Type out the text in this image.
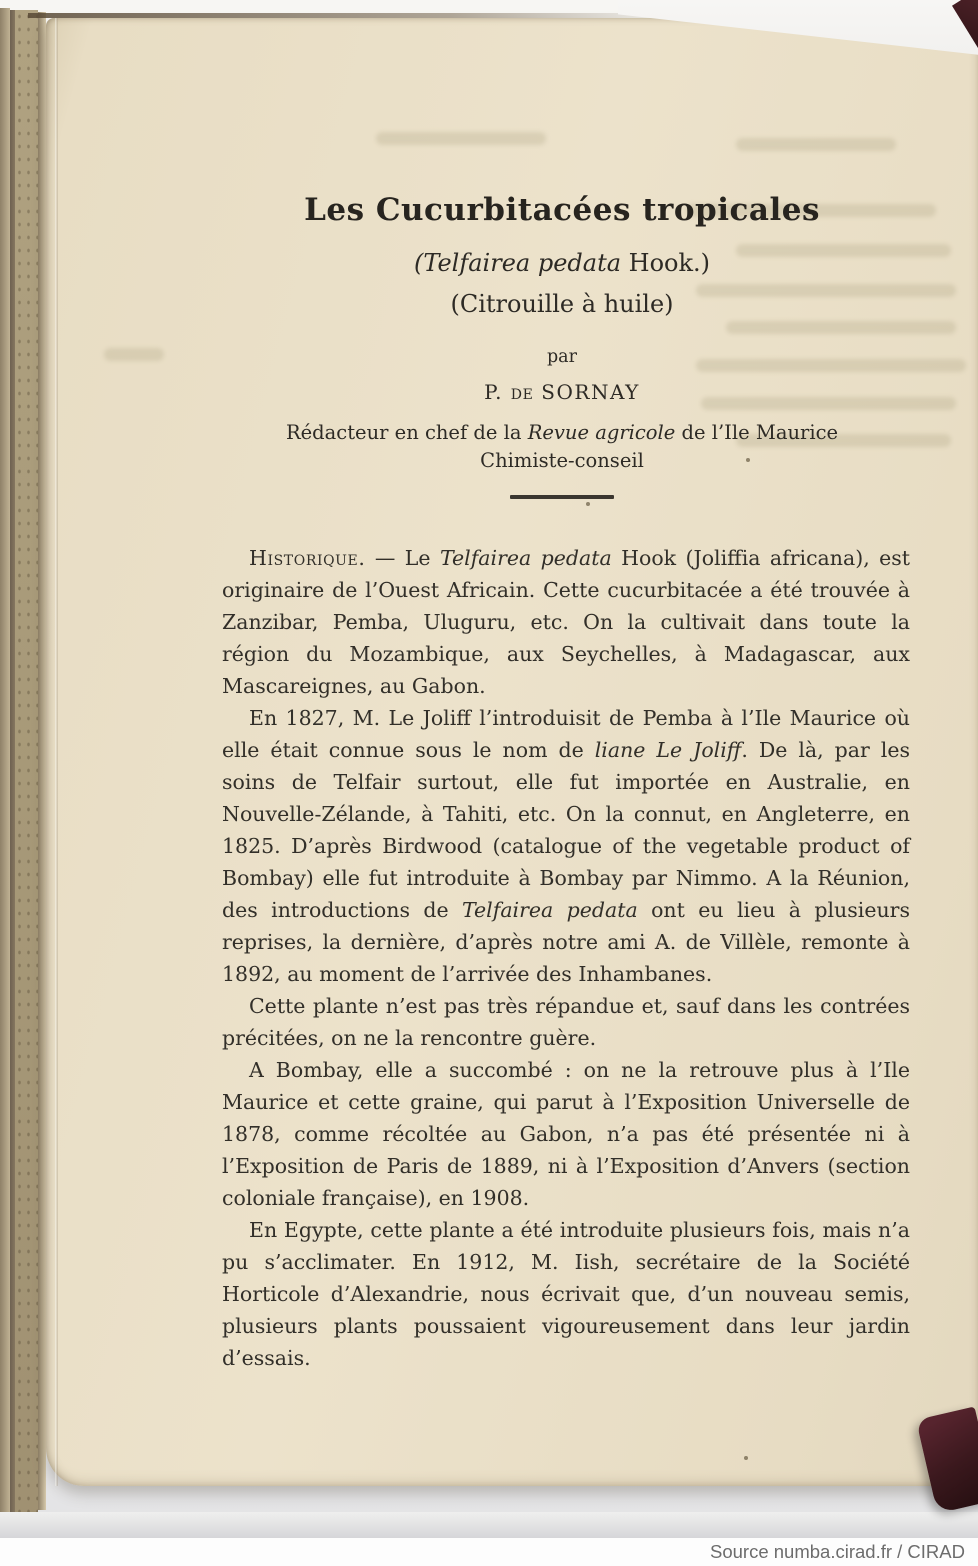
Les Cucurbitacées tropicales
(Telfairea pedata Hook.)
(Citrouille à huile)
par
P. de SORNAY
Rédacteur en chef de la Revue agricole de l’Ile Maurice
Chimiste-conseil

Historique. — Le Telfairea pedata Hook (Joliffia africana), est originaire de l’Ouest Africain. Cette cucurbitacée a été trouvée à Zanzibar, Pemba, Uluguru, etc. On la cultivait dans toute la région du Mozambique, aux Seychelles, à Madagascar, aux Mascareignes, au Gabon.

En 1827, M. Le Joliff l’introduisit de Pemba à l’Ile Maurice où elle était connue sous le nom de liane Le Joliff. De là, par les soins de Telfair surtout, elle fut importée en Australie, en Nouvelle-Zélande, à Tahiti, etc. On la connut, en Angleterre, en 1825. D’après Birdwood (catalogue of the vegetable product of Bombay) elle fut introduite à Bombay par Nimmo. A la Réunion, des introductions de Telfairea pedata ont eu lieu à plusieurs reprises, la dernière, d’après notre ami A. de Villèle, remonte à 1892, au moment de l’arrivée des Inhambanes.

Cette plante n’est pas très répandue et, sauf dans les contrées précitées, on ne la rencontre guère.

A Bombay, elle a succombé : on ne la retrouve plus à l’Ile Maurice et cette graine, qui parut à l’Exposition Universelle de 1878, comme récoltée au Gabon, n’a pas été présentée ni à l’Exposition de Paris de 1889, ni à l’Exposition d’Anvers (section coloniale française), en 1908.

En Egypte, cette plante a été introduite plusieurs fois, mais n’a pu s’acclimater. En 1912, M. Iish, secrétaire de la Société Horticole d’Alexandrie, nous écrivait que, d’un nouveau semis, plusieurs plants poussaient vigoureusement dans leur jardin d’essais.

Source numba.cirad.fr / CIRAD
